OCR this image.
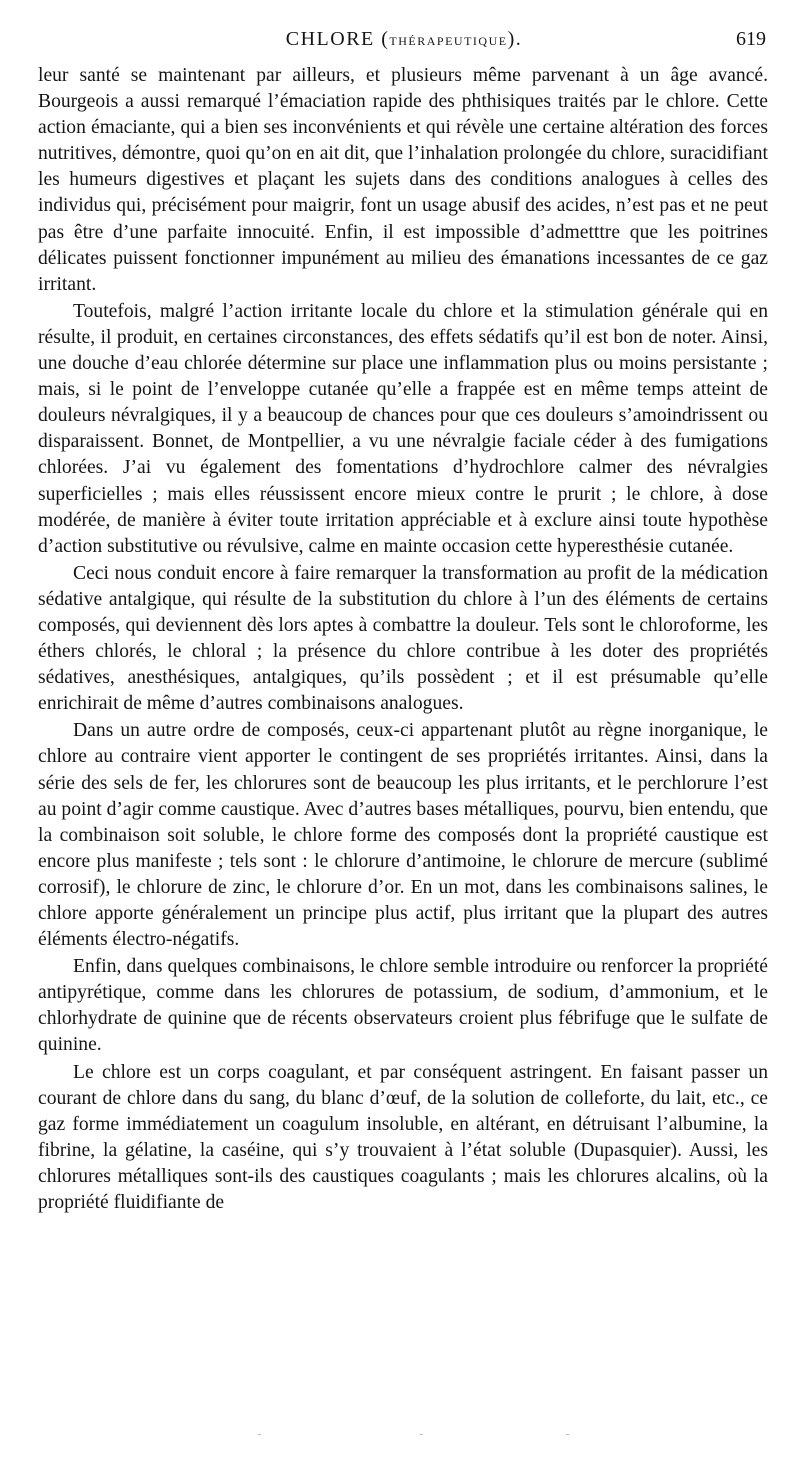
CHLORE (THÉRAPEUTIQUE).	619

leur santé se maintenant par ailleurs, et plusieurs même parvenant à un âge avancé. Bourgeois a aussi remarqué l’émaciation rapide des phthisiques traités par le chlore. Cette action émaciante, qui a bien ses inconvénients et qui révèle une certaine altération des forces nutritives, démontre, quoi qu’on en ait dit, que l’inhalation prolongée du chlore, suracidifiant les humeurs digestives et plaçant les sujets dans des conditions analogues à celles des individus qui, précisément pour maigrir, font un usage abusif des acides, n’est pas et ne peut pas être d’une parfaite innocuité. Enfin, il est impossible d’admetttre que les poitrines délicates puissent fonctionner impunément au milieu des émanations incessantes de ce gaz irritant.

Toutefois, malgré l’action irritante locale du chlore et la stimulation générale qui en résulte, il produit, en certaines circonstances, des effets sédatifs qu’il est bon de noter. Ainsi, une douche d’eau chlorée détermine sur place une inflammation plus ou moins persistante ; mais, si le point de l’enveloppe cutanée qu’elle a frappée est en même temps atteint de douleurs névralgiques, il y a beaucoup de chances pour que ces douleurs s’amoindrissent ou disparaissent. Bonnet, de Montpellier, a vu une névralgie faciale céder à des fumigations chlorées. J’ai vu également des fomentations d’hydrochlore calmer des névralgies superficielles ; mais elles réussissent encore mieux contre le prurit ; le chlore, à dose modérée, de manière à éviter toute irritation appréciable et à exclure ainsi toute hypothèse d’action substitutive ou révulsive, calme en mainte occasion cette hyperesthésie cutanée.

Ceci nous conduit encore à faire remarquer la transformation au profit de la médication sédative antalgique, qui résulte de la substitution du chlore à l’un des éléments de certains composés, qui deviennent dès lors aptes à combattre la douleur. Tels sont le chloroforme, les éthers chlorés, le chloral ; la présence du chlore contribue à les doter des propriétés sédatives, anesthésiques, antalgiques, qu’ils possèdent ; et il est présumable qu’elle enrichirait de même d’autres combinaisons analogues.

Dans un autre ordre de composés, ceux-ci appartenant plutôt au règne inorganique, le chlore au contraire vient apporter le contingent de ses propriétés irritantes. Ainsi, dans la série des sels de fer, les chlorures sont de beaucoup les plus irritants, et le perchlorure l’est au point d’agir comme caustique. Avec d’autres bases métalliques, pourvu, bien entendu, que la combinaison soit soluble, le chlore forme des composés dont la propriété caustique est encore plus manifeste ; tels sont : le chlorure d’antimoine, le chlorure de mercure (sublimé corrosif), le chlorure de zinc, le chlorure d’or. En un mot, dans les combinaisons salines, le chlore apporte généralement un principe plus actif, plus irritant que la plupart des autres éléments électro-négatifs.

Enfin, dans quelques combinaisons, le chlore semble introduire ou renforcer la propriété antipyrétique, comme dans les chlorures de potassium, de sodium, d’ammonium, et le chlorhydrate de quinine que de récents observateurs croient plus fébrifuge que le sulfate de quinine.

Le chlore est un corps coagulant, et par conséquent astringent. En faisant passer un courant de chlore dans du sang, du blanc d’œuf, de la solution de colleforte, du lait, etc., ce gaz forme immédiatement un coagulum insoluble, en altérant, en détruisant l’albumine, la fibrine, la gélatine, la caséine, qui s’y trouvaient à l’état soluble (Dupasquier). Aussi, les chlorures métalliques sont-ils des caustiques coagulants ; mais les chlorures alcalins, où la propriété fluidifiante de
